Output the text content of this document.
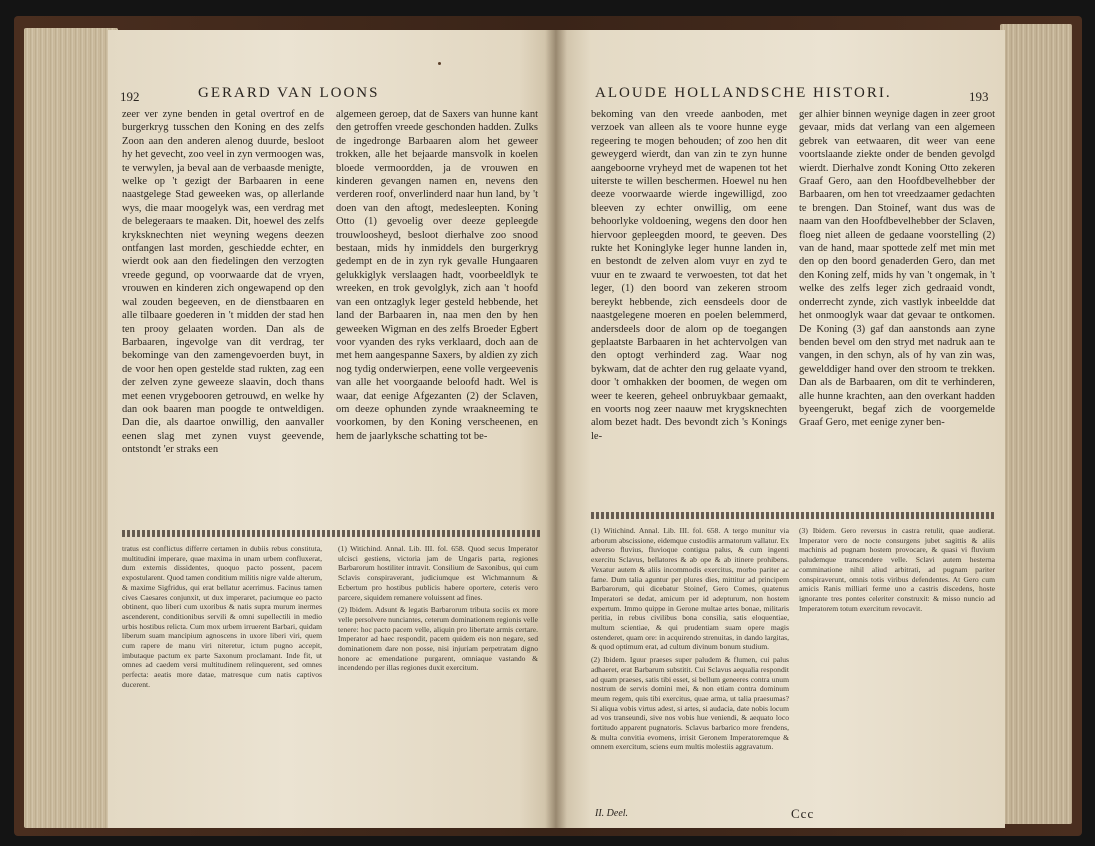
192	GERARD VAN LOONS

zeer ver zyne benden in getal overtrof en de burgerkryg tusschen den Koning en des zelfs Zoon aan den anderen alenog duurde, besloot hy het gevecht, zoo veel in zyn vermoogen was, te verwylen, ja beval aan de verbaasde menigte, welke op 't gezigt der Barbaaren in eene naastgelege Stad geweeken was, op allerlande wys, die maar moogelyk was, een verdrag met de belegeraars te maaken. Dit, hoewel des zelfs kryksknechten niet weyning wegens deezen ontfangen last morden, geschiedde echter, en wierdt ook aan den fiedelingen den verzogten vreede gegund, op voorwaarde dat de vryen, vrouwen en kinderen zich ongewapend op den wal zouden begeeven, en de dienstbaaren en alle tilbaare goederen in 't midden der stad hen ten prooy gelaaten worden. Dan als de Barbaaren, ingevolge van dit verdrag, ter bekominge van den zamengevoerden buyt, in de voor hen open gestelde stad rukten, zag een der zelven zyne geweeze slaavin, doch thans met eenen vrygebooren getrouwd, en welke hy dan ook baaren man poogde te ontweldigen. Dan die, als daartoe onwillig, den aanvaller eenen slag met zynen vuyst geevende, ontstondt 'er straks een

algemeen geroep, dat de Saxers van hunne kant den getroffen vreede geschonden hadden. Zulks de ingedronge Barbaaren alom het geweer trokken, alle het bejaarde mansvolk in koelen bloede vermoordden, ja de vrouwen en kinderen gevangen namen en, nevens den verderen roof, onverlinderd naar hun land, by 't doen van den aftogt, medesleepten. Koning Otto (1) gevoelig over deeze gepleegde trouwloosheyd, besloot dierhalve zoo snood bestaan, mids hy inmiddels den burgerkryg gedempt en de in zyn ryk gevalle Hungaaren gelukkiglyk verslaagen hadt, voorbeeldlyk te wreeken, en trok gevolglyk, zich aan 't hoofd van een ontzaglyk leger gesteld hebbende, het land der Barbaaren in, naa men den by hen geweeken Wigman en des zelfs Broeder Egbert voor vyanden des ryks verklaard, doch aan de met hem aangespanne Saxers, by aldien zy zich nog tydig onderwierpen, eene volle vergeevenis van alle het voorgaande beloofd hadt. Wel is waar, dat eenige Afgezanten (2) der Sclaven, om deeze ophunden zynde wraakneeming te voorkomen, by den Koning verscheenen, en hem de jaarlyksche schatting tot be-

tratus est conflictus differre certamen in dubiis rebus constituta, multitudini imperare, quae maxima in unam urbem confluxerat, dum externis dissidentes, quoquo pacto possent, pacem expostularent. Quod tamen conditium militis nigre valde alterum, & maxime Sigfridus, qui erat bellatur acerrimus. Facinus tamen cives Caesares conjunxit, ut dux imperaret, paciumque eo pacto obtinent, quo liberi cum uxoribus & natis supra murum inermes ascenderent, conditionibus servili & omni supellectili in medio urbis hostibus relicta. Cum mox urbem irruerent Barbari, quidam liberum suam mancipium agnoscens in uxore liberi viri, quem cum rapere de manu viri niteretur, ictum pugno accepit, imbutaque pactum ex parte Saxonum proclamant. Inde fit, ut omnes ad caedem versi multitudinem relinquerent, sed omnes perfecta: aeatis more datae, matresque cum natis captivos ducerent.

(1) Witichind. Annal. Lib. III. fol. 658. Quod secus Imperator ulcisci gestiens, victoria jam de Ungaris parta, regiones Barbarorum hostiliter intravit. Consilium de Saxonibus, qui cum Sclavis conspiraverant, judiciumque est Wichmannum & Ecbertum pro hostibus publicis habere oportere, ceteris vero parcere, siquidem remanere voluissent ad fines.

(2) Ibidem. Adsunt & legatis Barbarorum tributa sociis ex more velle persolvere nunciantes, ceterum dominationem regionis velle tenere: hoc pacto pacem velle, aliquin pro libertate armis certare. Imperator ad haec respondit, pacem quidem eis non negare, sed dominationem dare non posse, nisi injuriam perpetratam digno honore ac emendatione purgarent, omniaque vastando & incendendo per illas regiones duxit exercitum.

ALOUDE HOLLANDSCHE HISTORI.	193

bekoming van den vreede aanboden, met verzoek van alleen als te voore hunne eyge regeering te mogen behouden; of zoo hen dit geweygerd wierdt, dan van zin te zyn hunne aangeboorne vryheyd met de wapenen tot het uiterste te willen beschermen. Hoewel nu hen deeze voorwaarde wierde ingewilligd, zoo bleeven zy echter onwillig, om eene behoorlyke voldoening, wegens den door hen hiervoor gepleegden moord, te geeven. Des rukte het Koninglyke leger hunne landen in, en bestondt de zelven alom vuyr en zyd te vuur en te zwaard te verwoesten, tot dat het leger, (1) den boord van zekeren stroom bereykt hebbende, zich eensdeels door de naastgelegene moeren en poelen belemmerd, andersdeels door de alom op de toegangen geplaatste Barbaaren in het achtervolgen van den optogt verhinderd zag. Waar nog bykwam, dat de achter den rug gelaate vyand, door 't omhakken der boomen, de wegen om weer te keeren, geheel onbruykbaar gemaakt, en voorts nog zeer naauw met krygsknechten alom bezet hadt. Des bevondt zich 's Konings le-

ger alhier binnen weynige dagen in zeer groot gevaar, mids dat verlang van een algemeen gebrek van eetwaaren, dit weer van eene voortslaande ziekte onder de benden gevolgd wierdt. Dierhalve zondt Koning Otto zekeren Graaf Gero, aan den Hoofdbevelhebber der Barbaaren, om hen tot vreedzaamer gedachten te brengen. Dan Stoinef, want dus was de naam van den Hoofdbevelhebber der Sclaven, floeg niet alleen de gedaane voorstelling (2) van de hand, maar spottede zelf met min met den op den boord genaderden Gero, dan met den Koning zelf, mids hy van 't ongemak, in 't welke des zelfs leger zich gedraaid vondt, onderrecht zynde, zich vastlyk inbeeldde dat het onmooglyk waar dat gevaar te ontkomen. De Koning (3) gaf dan aanstonds aan zyne benden bevel om den stryd met nadruk aan te vangen, in den schyn, als of hy van zin was, gewelddiger hand over den stroom te trekken. Dan als de Barbaaren, om dit te verhinderen, alle hunne krachten, aan den overkant hadden byeengerukt, begaf zich de voorgemelde Graaf Gero, met eenige zyner ben-

(1) Witichind. Annal. Lib. III. fol. 658. A tergo munitur via arborum abscissione, eidemque custodiis armatorum vallatur. Ex adverso fluvius, fluvioque contigua palus, & cum ingenti exercitu Sclavus, bellatores & ab ope & ab itinere prohibens. Vexatur autem & aliis incommodis exercitus, morbo pariter ac fame. Dum talia aguntur per plures dies, mittitur ad principem Barbarorum, qui dicebatur Stoinef, Gero Comes, quatenus Imperatori se dedat, amicum per id adepturum, non hostem expertum. Immo quippe in Gerone multae artes bonae, militaris peritia, in rebus civilibus bona consilia, satis eloquentiae, multum scientiae, & qui prudentiam suam opere magis ostenderet, quam ore: in acquirendo strenuitas, in dando largitas, & quod optimum erat, ad cultum divinum bonum studium.

(2) Ibidem. Iguur praeses super paludem & flumen, cui palus adhaeret, erat Barbarum substitit. Cui Sclavus aequalia respondit ad quam praeses, satis tibi esset, si bellum geneeres contra unum nostrum de servis domini mei, & non etiam contra dominum meum regem, quis tibi exercitus, quae arma, ut talia praesumas? Si aliqua vobis virtus adest, si artes, si audacia, date nobis locum ad vos transeundi, sive nos vobis hue veniendi, & aequato loco fortitudo apparent pugnatoris. Sclavus barbarico more frendens, & multa convitia evomens, irrisit Geronem Imperatoremque & omnem exercitum, sciens eum multis molestiis aggravatum.

(3) Ibidem. Gero reversus in castra retulit, quae audierat. Imperator vero de nocte consurgens jubet sagittis & aliis machinis ad pugnam hostem provocare, & quasi vi fluvium paludemque transcendere velle. Sclavi autem hesterna comminatione nihil aliud arbitrati, ad pugnam pariter conspiraverunt, omnis totis viribus defendentes. At Gero cum amicis Ranis milliari ferme uno a castris discedens, hoste ignorante tres pontes celeriter construxit: & misso nuncio ad Imperatorem totum exercitum revocavit.

II. Deel.	Ccc
